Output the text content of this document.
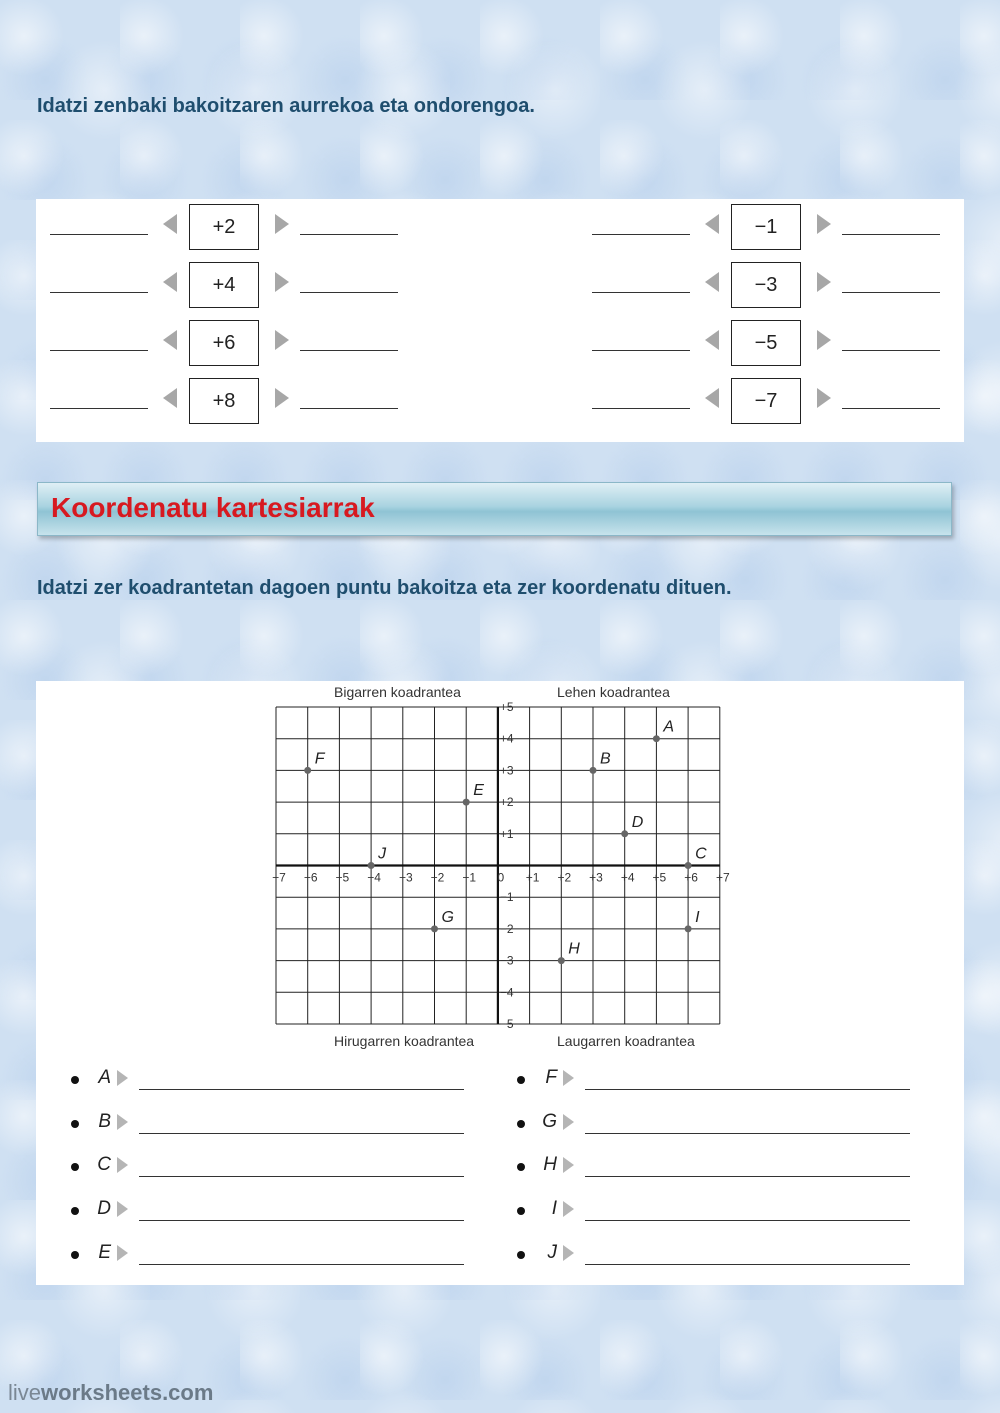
Idatzi zenbaki bakoitzaren aurrekoa eta ondorengoa.

+2
+4
+6
+8
−1
−3
−5
−7

Koordenatu kartesiarrak

Idatzi zer koadrantetan dagoen puntu bakoitza eta zer koordenatu dituen.

Bigarren koadrantea	Lehen koadrantea
Hirugarren koadrantea	Laugarren koadrantea
−7 −6 −5 −4 −3 −2 −1 0 +1 +2 +3 +4 +5 +6 +7
+5
+4
+3
+2
+1
−1
−2
−3
−4
−5
A
B
C
D
E
F
G
H
I
J
A
B
C
D
E
F
G
H
I
J
liveworksheets.com
